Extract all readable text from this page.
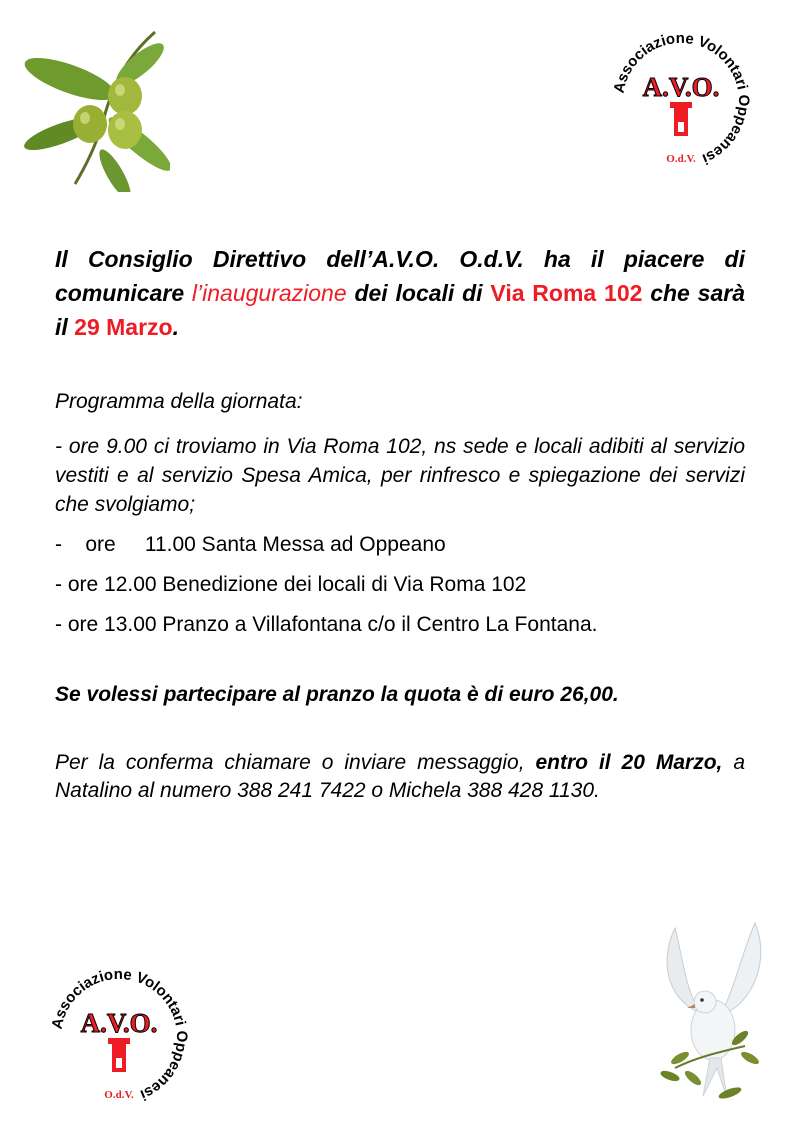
Associazione Volontari Oppeanesi
A.V.O.
O.d.V.

Il Consiglio Direttivo dell’A.V.O. O.d.V. ha il piacere di comunicare l’inaugurazione dei locali di Via Roma 102 che sarà il 29 Marzo.

Programma della giornata:

- ore 9.00 ci troviamo in Via Roma 102, ns sede e locali adibiti al servizio vestiti e al servizio Spesa Amica, per rinfresco e spiegazione dei servizi che svolgiamo;

-    ore     11.00 Santa Messa ad Oppeano

- ore 12.00 Benedizione dei locali di Via Roma 102

- ore 13.00 Pranzo a Villafontana c/o il Centro La Fontana.

Se volessi partecipare al pranzo la quota è di euro 26,00.

Per la conferma chiamare o inviare messaggio, entro il 20 Marzo, a Natalino al numero 388 241 7422 o Michela 388 428 1130.

Associazione Volontari Oppeanesi
A.V.O.
O.d.V.
